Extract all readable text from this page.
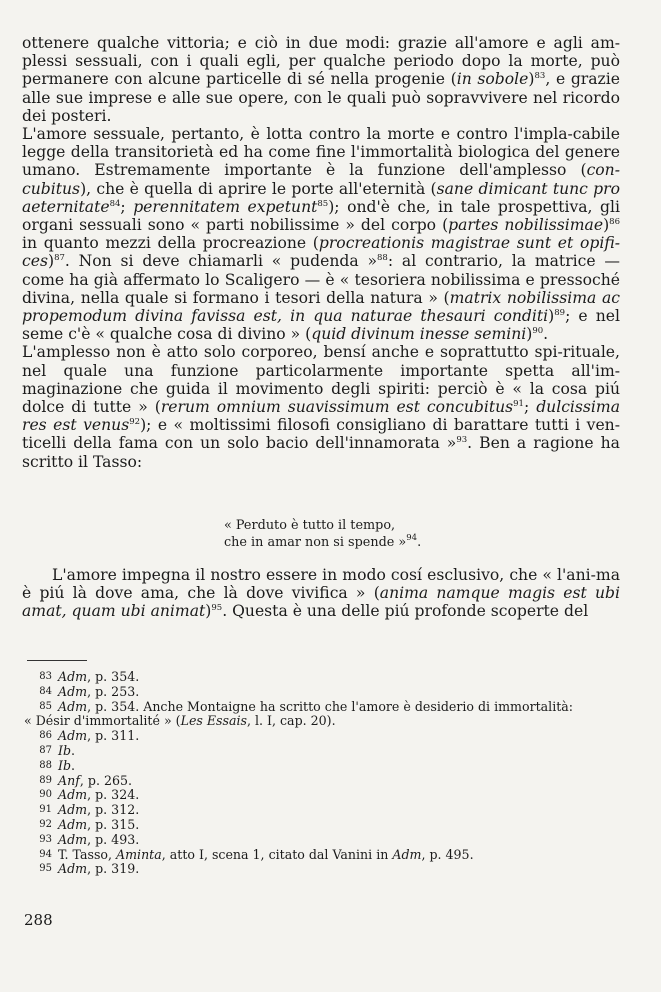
ottenere qualche vittoria; e ciò in due modi: grazie all'amore e agli am- plessi sessuali, con i quali egli, per qualche periodo dopo la morte, può permanere con alcune particelle di sé nella progenie (in sobole)$^{83}$, e grazie alle sue imprese e alle sue opere, con le quali può sopravvivere nel ricordo dei posteri.

L'amore sessuale, pertanto, è lotta contro la morte e contro l'impla-cabile legge della transitorietà ed ha come fine l'immortalità biologica del genere umano. Estremamente importante è la funzione dell'amplesso (con-cubitus), che è quella di aprire le porte all'eternità (sane dimicant tunc pro aeternitate$^{84}$; perennitatem expetunt$^{85}$); ond'è che, in tale prospettiva, gli organi sessuali sono « parti nobilissime » del corpo (partes nobilissimae)$^{86}$ in quanto mezzi della procreazione (procreationis magistrae sunt et opifi-ces)$^{87}$. Non si deve chiamarli « pudenda »$^{88}$: al contrario, la matrice — come ha già affermato lo Scaligero — è « tesoriera nobilissima e pressoché divina, nella quale si formano i tesori della natura » (matrix nobilissima ac propemodum divina favissa est, in qua naturae thesauri conditi)$^{89}$; e nel seme c'è « qualche cosa di divino » (quid divinum inesse semini)$^{90}$.

L'amplesso non è atto solo corporeo, bensí anche e soprattutto spi-rituale, nel quale una funzione particolarmente importante spetta all'im-maginazione che guida il movimento degli spiriti: perciò è « la cosa piú dolce di tutte » (rerum omnium suavissimum est concubitus$^{91}$; dulcissima res est venus$^{92}$); e « moltissimi filosofi consigliano di barattare tutti i ven-ticelli della fama con un solo bacio dell'innamorata »$^{93}$. Ben a ragione ha scritto il Tasso:

« Perduto è tutto il tempo,
che in amar non si spende »$^{94}$.

L'amore impegna il nostro essere in modo cosí esclusivo, che « l'ani-ma è piú là dove ama, che là dove vivifica » (anima namque magis est ubi amat, quam ubi animat)$^{95}$. Questa è una delle piú profonde scoperte del

83 Adm, p. 354.
84 Adm, p. 253.
85 Adm, p. 354. Anche Montaigne ha scritto che l'amore è desiderio di immortalità:
« Désir d'immortalité » (Les Essais, l. I, cap. 20).
86 Adm, p. 311.
87 Ib.
88 Ib.
89 Anf, p. 265.
90 Adm, p. 324.
91 Adm, p. 312.
92 Adm, p. 315.
93 Adm, p. 493.
94 T. Tasso, Aminta, atto I, scena 1, citato dal Vanini in Adm, p. 495.
95 Adm, p. 319.
288
